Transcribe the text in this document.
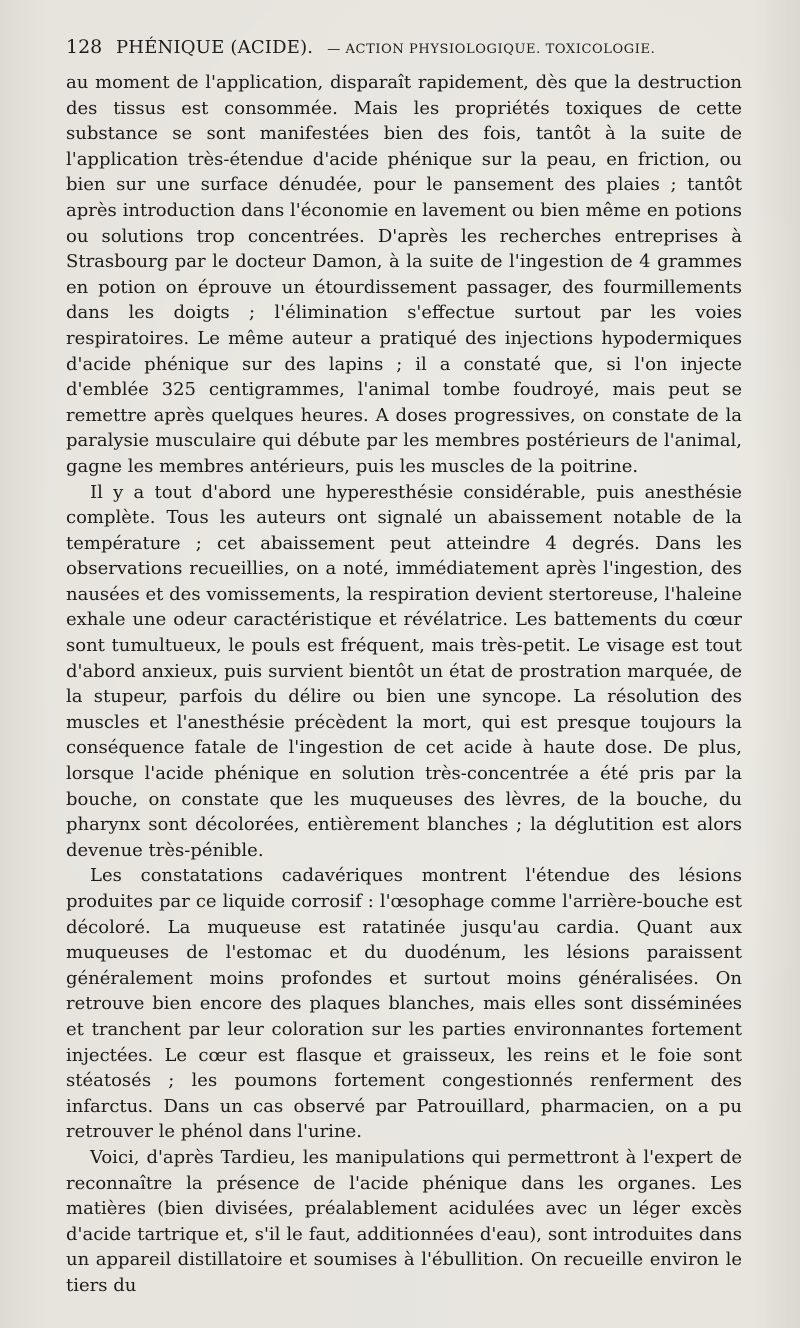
128 PHÉNIQUE (ACIDE). — ACTION PHYSIOLOGIQUE. TOXICOLOGIE.

au moment de l'application, disparaît rapidement, dès que la destruction des tissus est consommée. Mais les propriétés toxiques de cette substance se sont manifestées bien des fois, tantôt à la suite de l'application très-étendue d'acide phénique sur la peau, en friction, ou bien sur une surface dénudée, pour le pansement des plaies ; tantôt après introduction dans l'économie en lavement ou bien même en potions ou solutions trop concentrées. D'après les recherches entreprises à Strasbourg par le docteur Damon, à la suite de l'ingestion de 4 grammes en potion on éprouve un étourdissement passager, des fourmillements dans les doigts ; l'élimination s'effectue surtout par les voies respiratoires. Le même auteur a pratiqué des injections hypodermiques d'acide phénique sur des lapins ; il a constaté que, si l'on injecte d'emblée 325 centigrammes, l'animal tombe foudroyé, mais peut se remettre après quelques heures. A doses progressives, on constate de la paralysie musculaire qui débute par les membres postérieurs de l'animal, gagne les membres antérieurs, puis les muscles de la poitrine.

Il y a tout d'abord une hyperesthésie considérable, puis anesthésie complète. Tous les auteurs ont signalé un abaissement notable de la température ; cet abaissement peut atteindre 4 degrés. Dans les observations recueillies, on a noté, immédiatement après l'ingestion, des nausées et des vomissements, la respiration devient stertoreuse, l'haleine exhale une odeur caractéristique et révélatrice. Les battements du cœur sont tumultueux, le pouls est fréquent, mais très-petit. Le visage est tout d'abord anxieux, puis survient bientôt un état de prostration marquée, de la stupeur, parfois du délire ou bien une syncope. La résolution des muscles et l'anesthésie précèdent la mort, qui est presque toujours la conséquence fatale de l'ingestion de cet acide à haute dose. De plus, lorsque l'acide phénique en solution très-concentrée a été pris par la bouche, on constate que les muqueuses des lèvres, de la bouche, du pharynx sont décolorées, entièrement blanches ; la déglutition est alors devenue très-pénible.

Les constatations cadavériques montrent l'étendue des lésions produites par ce liquide corrosif : l'œsophage comme l'arrière-bouche est décoloré. La muqueuse est ratatinée jusqu'au cardia. Quant aux muqueuses de l'estomac et du duodénum, les lésions paraissent généralement moins profondes et surtout moins généralisées. On retrouve bien encore des plaques blanches, mais elles sont disséminées et tranchent par leur coloration sur les parties environnantes fortement injectées. Le cœur est flasque et graisseux, les reins et le foie sont stéatosés ; les poumons fortement congestionnés renferment des infarctus. Dans un cas observé par Patrouillard, pharmacien, on a pu retrouver le phénol dans l'urine.

Voici, d'après Tardieu, les manipulations qui permettront à l'expert de reconnaître la présence de l'acide phénique dans les organes. Les matières (bien divisées, préalablement acidulées avec un léger excès d'acide tartrique et, s'il le faut, additionnées d'eau), sont introduites dans un appareil distillatoire et soumises à l'ébullition. On recueille environ le tiers du
